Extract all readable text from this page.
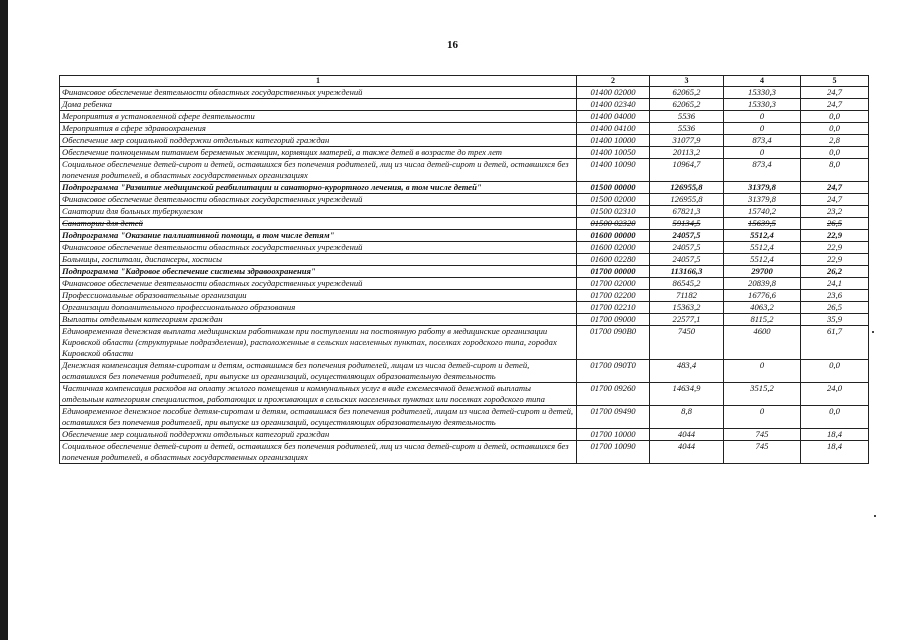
16
1	2	3	4	5
Финансовое обеспечение деятельности областных государственных учреждений	01400 02000	62065,2	15330,3	24,7
Дома ребенка	01400 02340	62065,2	15330,3	24,7
Мероприятия в установленной сфере деятельности	01400 04000	5536	0	0,0
Мероприятия в сфере здравоохранения	01400 04100	5536	0	0,0
Обеспечение мер социальной поддержки отдельных категорий граждан	01400 10000	31077,9	873,4	2,8
Обеспечение полноценным питанием беременных женщин, кормящих матерей, а также детей в возрасте до трех лет	01400 10050	20113,2	0	0,0
Социальное обеспечение детей-сирот и детей, оставшихся без попечения родителей, лиц из числа детей-сирот и детей, оставшихся без попечения родителей, в областных государственных организациях	01400 10090	10964,7	873,4	8,0
Подпрограмма "Развитие медицинской реабилитации и санаторно-курортного лечения, в том числе детей"	01500 00000	126955,8	31379,8	24,7
Финансовое обеспечение деятельности областных государственных учреждений	01500 02000	126955,8	31379,8	24,7
Санатории для больных туберкулезом	01500 02310	67821,3	15740,2	23,2
Санатории для детей	01500 02320	59134,5	15639,5	26,5
Подпрограмма "Оказание паллиативной помощи, в том числе детям"	01600 00000	24057,5	5512,4	22,9
Финансовое обеспечение деятельности областных государственных учреждений	01600 02000	24057,5	5512,4	22,9
Больницы, госпитали, диспансеры, хосписы	01600 02280	24057,5	5512,4	22,9
Подпрограмма "Кадровое обеспечение системы здравоохранения"	01700 00000	113166,3	29700	26,2
Финансовое обеспечение деятельности областных государственных учреждений	01700 02000	86545,2	20839,8	24,1
Профессиональные образовательные организации	01700 02200	71182	16776,6	23,6
Организации дополнительного профессионального образования	01700 02210	15363,2	4063,2	26,5
Выплаты отдельным категориям граждан	01700 09000	22577,1	8115,2	35,9
Единовременная денежная выплата медицинским работникам при поступлении на постоянную работу в медицинские организации Кировской области (структурные подразделения), расположенные в сельских населенных пунктах, поселках городского типа, городах Кировской области	01700 090В0	7450	4600	61,7
Денежная компенсация детям-сиротам и детям, оставшимся без попечения родителей, лицам из числа детей-сирот и детей, оставшихся без попечения родителей, при выпуске из организаций, осуществляющих образовательную деятельность	01700 090Т0	483,4	0	0,0
Частичная компенсация расходов на оплату жилого помещения и коммунальных услуг в виде ежемесячной денежной выплаты отдельным категориям специалистов, работающих и проживающих в сельских населенных пунктах или поселках городского типа	01700 09260	14634,9	3515,2	24,0
Единовременное денежное пособие детям-сиротам и детям, оставшимся без попечения родителей, лицам из числа детей-сирот и детей, оставшихся без попечения родителей, при выпуске из организаций, осуществляющих образовательную деятельность	01700 09490	8,8	0	0,0
Обеспечение мер социальной поддержки отдельных категорий граждан	01700 10000	4044	745	18,4
Социальное обеспечение детей-сирот и детей, оставшихся без попечения родителей, лиц из числа детей-сирот и детей, оставшихся без попечения родителей, в областных государственных организациях	01700 10090	4044	745	18,4
